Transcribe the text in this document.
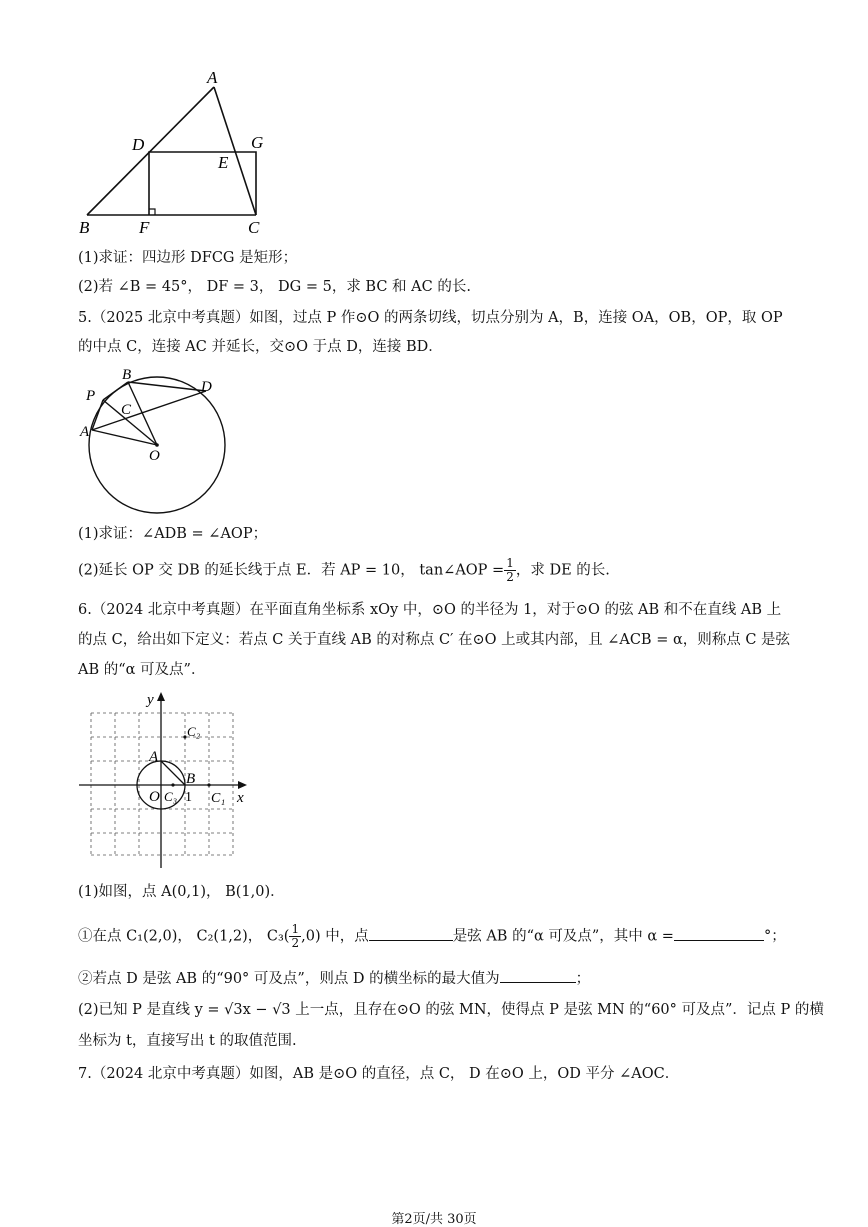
A
D	G
E
B	F	C
(1)求证：四边形 DFCG 是矩形；
(2)若 ∠B = 45°， DF = 3， DG = 5，求 BC 和 AC 的长.
5.（2025 北京中考真题）如图，过点 P 作⊙O 的两条切线，切点分别为 A，B，连接 OA，OB，OP，取 OP
的中点 C，连接 AC 并延长，交⊙O 于点 D，连接 BD．
P
B
D
C
A
O
(1)求证：∠ADB = ∠AOP；
(2)延长 OP 交 DB 的延长线于点 E．若 AP = 10， tan∠AOP = $\frac{1}{2}$ ，求 DE 的长.
6.（2024 北京中考真题）在平面直角坐标系 xOy 中，⊙O 的半径为 1，对于⊙O 的弦 AB 和不在直线 AB 上
的点 C，给出如下定义：若点 C 关于直线 AB 的对称点 C′ 在⊙O 上或其内部，且 ∠ACB = α，则称点 C 是弦
AB 的“α 可及点”．
y
x
O
A
B
1 C₁
C₂
C₃
(1)如图，点 A(0,1)， B(1,0)．
①在点 C₁(2,0)， C₂(1,2)， $C_3( \frac{1}{2} ,0)$ 中，点	是弦 AB 的“α 可及点”，其中 α =	°；
②若点 D 是弦 AB 的“90° 可及点”，则点 D 的横坐标的最大值为	；
(2)已知 P 是直线 y = √3x − √3 上一点，且存在⊙O 的弦 MN，使得点 P 是弦 MN 的“60° 可及点”．记点 P 的横
坐标为 t，直接写出 t 的取值范围.
7.（2024 北京中考真题）如图，AB 是⊙O 的直径，点 C， D 在⊙O 上，OD 平分 ∠AOC．
第2页/共 30页
